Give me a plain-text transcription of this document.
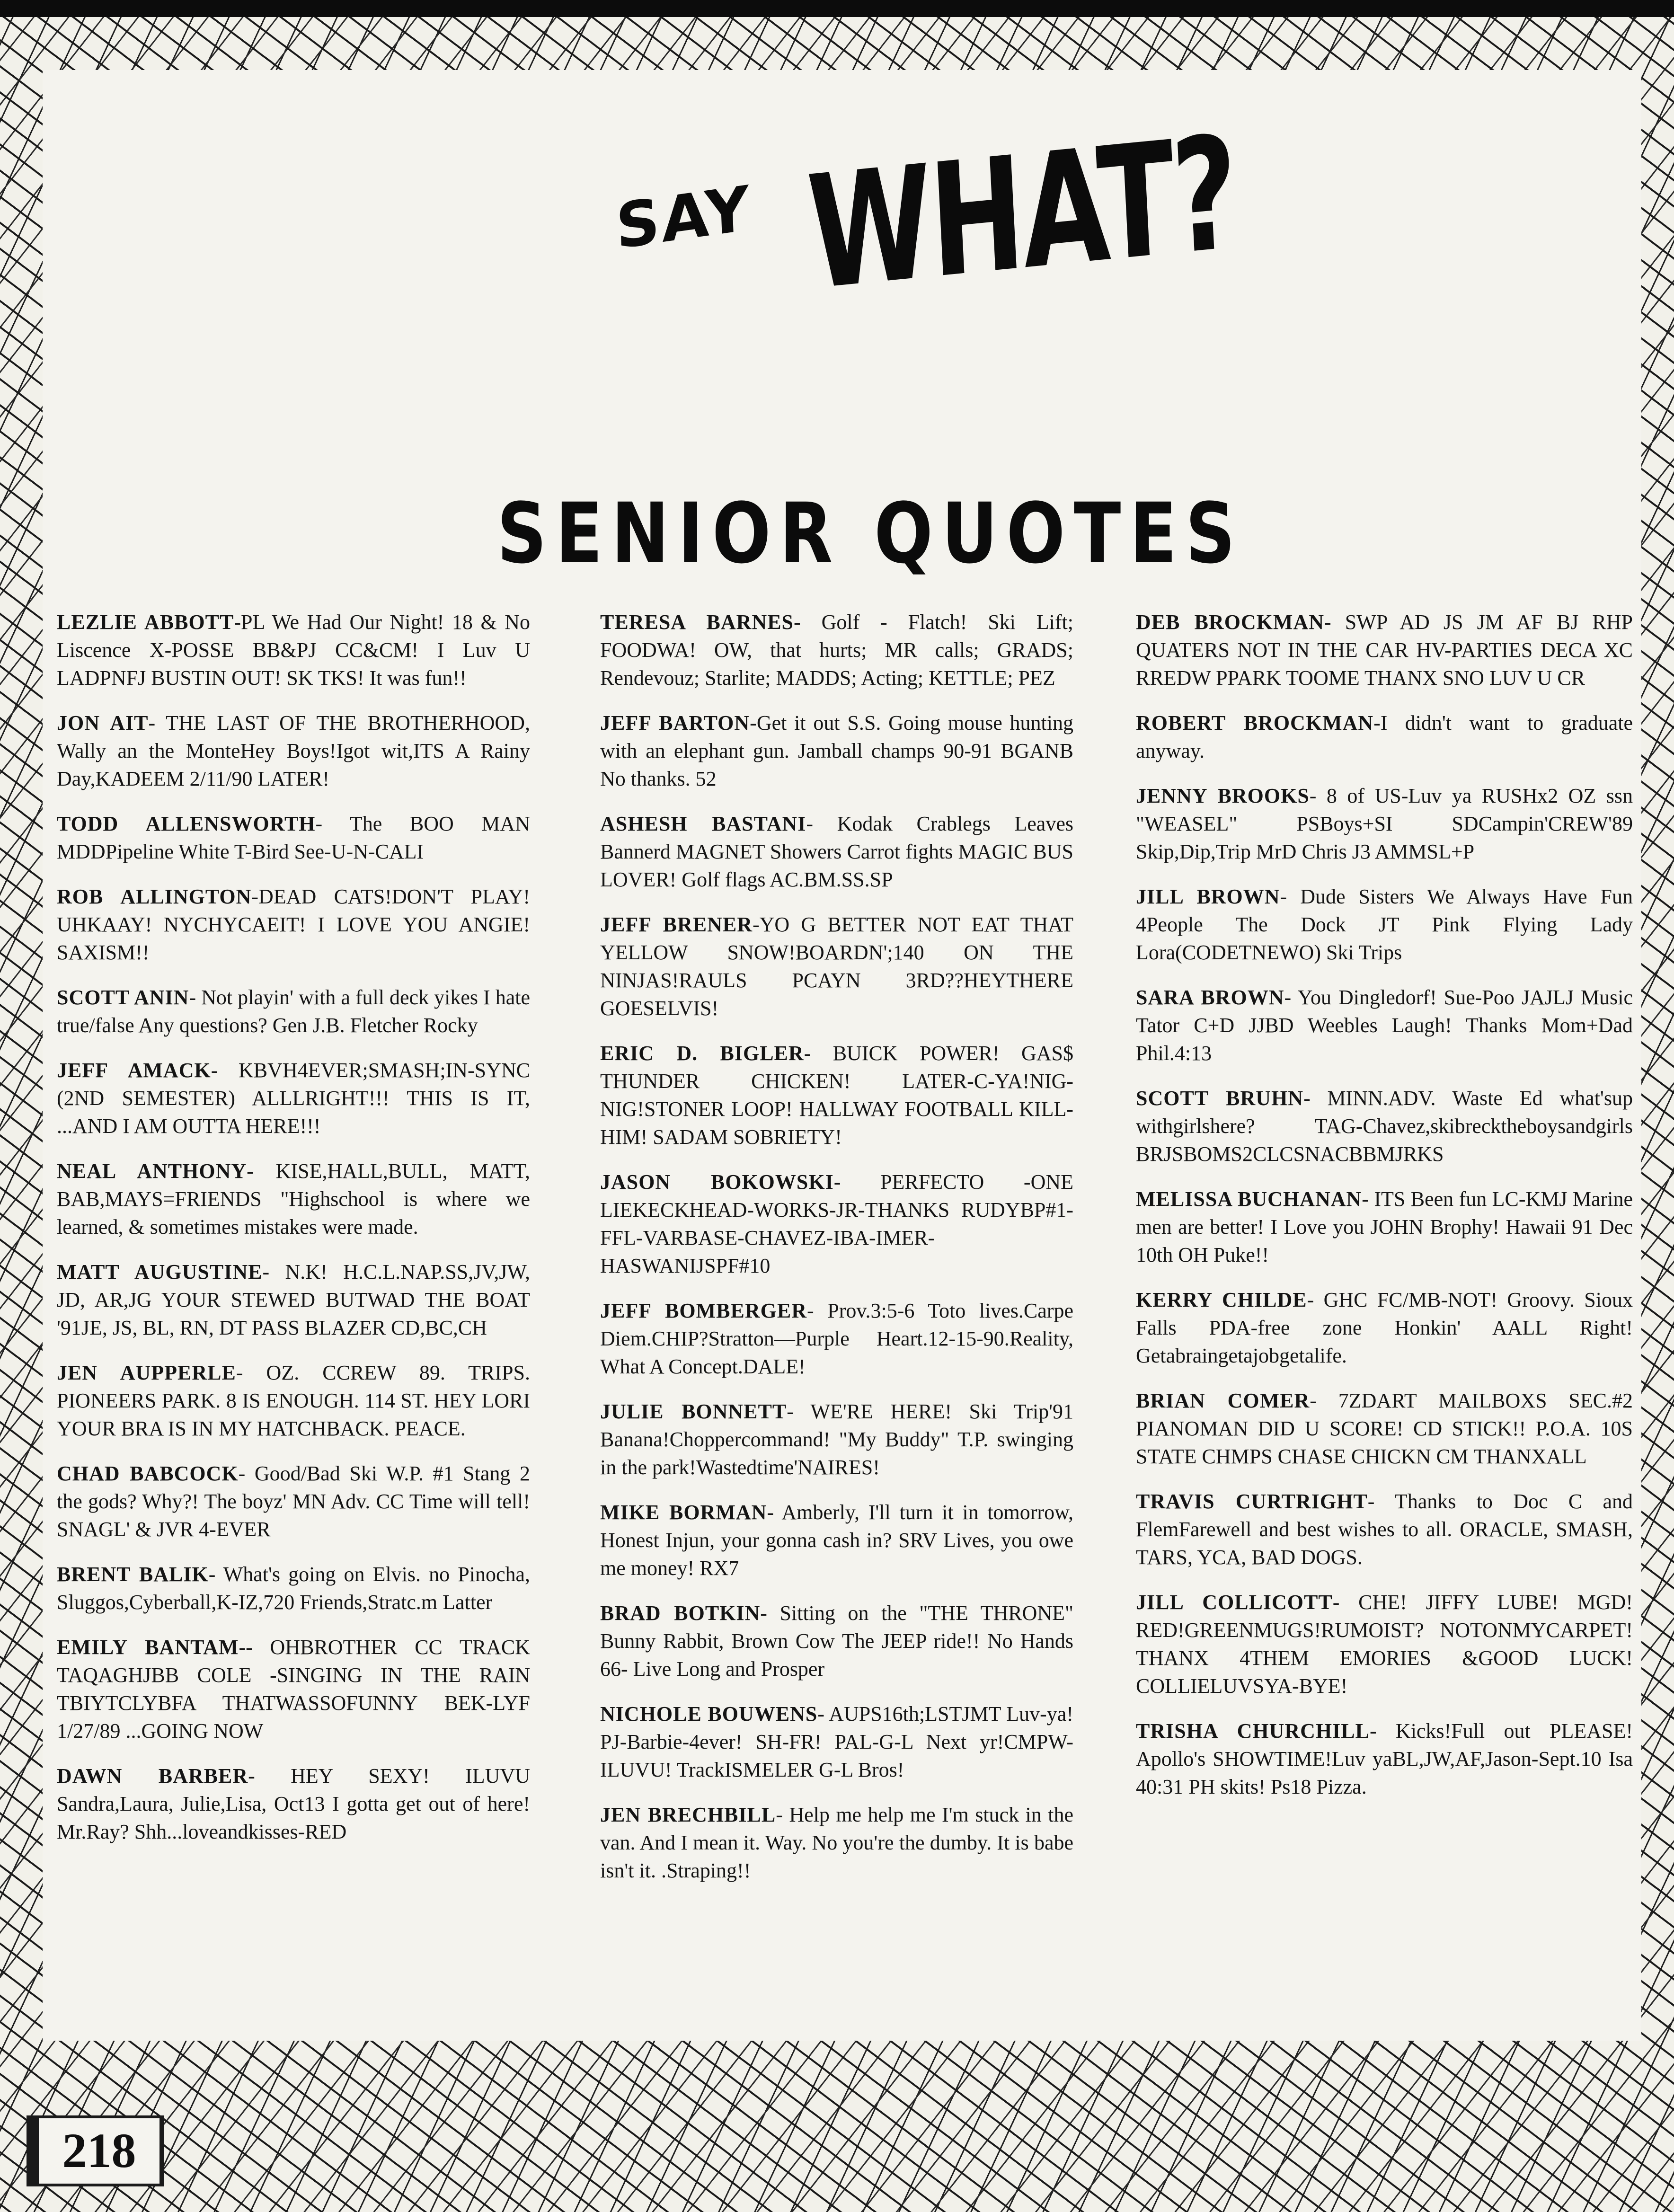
SAY WHAT?
SENIOR QUOTES

LEZLIE ABBOTT-PL We Had Our Night! 18 & No Liscence X-POSSE BB&PJ CC&CM! I Luv U LADPNFJ BUSTIN OUT! SK TKS! It was fun!!

JON AIT- THE LAST OF THE BROTHERHOOD, Wally an the MonteHey Boys!Igot wit,ITS A Rainy Day,KADEEM 2/11/90 LATER!

TODD ALLENSWORTH- The BOO MAN MDDPipeline White T-Bird See-U-N-CALI

ROB ALLINGTON-DEAD CATS!DON'T PLAY! UHKAAY! NYCHYCAEIT! I LOVE YOU ANGIE! SAXISM!!

SCOTT ANIN- Not playin' with a full deck yikes I hate true/false Any questions? Gen J.B. Fletcher Rocky

JEFF AMACK- KBVH4EVER;SMASH;IN-SYNC (2ND SEMESTER) ALLLRIGHT!!! THIS IS IT, ...AND I AM OUTTA HERE!!!

NEAL ANTHONY- KISE,HALL,BULL, MATT, BAB,MAYS=FRIENDS "Highschool is where we learned, & sometimes mistakes were made.

MATT AUGUSTINE- N.K! H.C.L.NAP.SS,JV,JW, JD, AR,JG YOUR STEWED BUTWAD THE BOAT '91JE, JS, BL, RN, DT PASS BLAZER CD,BC,CH

JEN AUPPERLE- OZ. CCREW 89. TRIPS. PIONEERS PARK. 8 IS ENOUGH. 114 ST. HEY LORI YOUR BRA IS IN MY HATCHBACK. PEACE.

CHAD BABCOCK- Good/Bad Ski W.P. #1 Stang 2 the gods? Why?! The boyz' MN Adv. CC Time will tell! SNAGL' & JVR 4-EVER

BRENT BALIK- What's going on Elvis. no Pinocha, Sluggos,Cyberball,K-IZ,720 Friends,Stratc.m Latter

EMILY BANTAM-- OHBROTHER CC TRACK TAQAGHJBB COLE -SINGING IN THE RAIN TBIYTCLYBFA THATWASSOFUNNY BEK-LYF 1/27/89 ...GOING NOW

DAWN BARBER- HEY SEXY! ILUVU Sandra,Laura, Julie,Lisa, Oct13 I gotta get out of here! Mr.Ray? Shh...loveandkisses-RED

TERESA BARNES- Golf - Flatch! Ski Lift; FOODWA! OW, that hurts; MR calls; GRADS; Rendevouz; Starlite; MADDS; Acting; KETTLE; PEZ

JEFF BARTON-Get it out S.S. Going mouse hunting with an elephant gun. Jamball champs 90-91 BGANB No thanks. 52

ASHESH BASTANI- Kodak Crablegs Leaves Bannerd MAGNET Showers Carrot fights MAGIC BUS LOVER! Golf flags AC.BM.SS.SP

JEFF BRENER-YO G BETTER NOT EAT THAT YELLOW SNOW!BOARDN';140 ON THE NINJAS!RAULS PCAYN 3RD??HEYTHERE GOESELVIS!

ERIC D. BIGLER- BUICK POWER! GAS$ THUNDER CHICKEN! LATER-C-YA!NIG-NIG!STONER LOOP! HALLWAY FOOTBALL KILL-HIM! SADAM SOBRIETY!

JASON BOKOWSKI- PERFECTO -ONE LIEKECKHEAD-WORKS-JR-THANKS RUDYBP#1-FFL-VARBASE-CHAVEZ-IBA-IMER-HASWANIJSPF#10

JEFF BOMBERGER- Prov.3:5-6 Toto lives.Carpe Diem.CHIP?Stratton—Purple Heart.12-15-90.Reality, What A Concept.DALE!

JULIE BONNETT- WE'RE HERE! Ski Trip'91 Banana!Choppercommand! "My Buddy" T.P. swinging in the park!Wastedtime'NAIRES!

MIKE BORMAN- Amberly, I'll turn it in tomorrow, Honest Injun, your gonna cash in? SRV Lives, you owe me money! RX7

BRAD BOTKIN- Sitting on the "THE THRONE" Bunny Rabbit, Brown Cow The JEEP ride!! No Hands 66- Live Long and Prosper

NICHOLE BOUWENS- AUPS16th;LSTJMT Luv-ya! PJ-Barbie-4ever! SH-FR! PAL-G-L Next yr!CMPW-ILUVU! TrackISMELER G-L Bros!

JEN BRECHBILL- Help me help me I'm stuck in the van. And I mean it. Way. No you're the dumby. It is babe isn't it. .Straping!!

DEB BROCKMAN- SWP AD JS JM AF BJ RHP QUATERS NOT IN THE CAR HV-PARTIES DECA XC RREDW PPARK TOOME THANX SNO LUV U CR

ROBERT BROCKMAN-I didn't want to graduate anyway.

JENNY BROOKS- 8 of US-Luv ya RUSHx2 OZ ssn "WEASEL" PSBoys+SI SDCampin'CREW'89 Skip,Dip,Trip MrD Chris J3 AMMSL+P

JILL BROWN- Dude Sisters We Always Have Fun 4People The Dock JT Pink Flying Lady Lora(CODETNEWO) Ski Trips

SARA BROWN- You Dingledorf! Sue-Poo JAJLJ Music Tator C+D JJBD Weebles Laugh! Thanks Mom+Dad Phil.4:13

SCOTT BRUHN- MINN.ADV. Waste Ed what'sup withgirlshere? TAG-Chavez,skibrecktheboysandgirls BRJSBOMS2CLCSNACBBMJRKS

MELISSA BUCHANAN- ITS Been fun LC-KMJ Marine men are better! I Love you JOHN Brophy! Hawaii 91 Dec 10th OH Puke!!

KERRY CHILDE- GHC FC/MB-NOT! Groovy. Sioux Falls PDA-free zone Honkin' AALL Right! Getabraingetajobgetalife.

BRIAN COMER- 7ZDART MAILBOXS SEC.#2 PIANOMAN DID U SCORE! CD STICK!! P.O.A. 10S STATE CHMPS CHASE CHICKN CM THANXALL

TRAVIS CURTRIGHT- Thanks to Doc C and FlemFarewell and best wishes to all. ORACLE, SMASH, TARS, YCA, BAD DOGS.

JILL COLLICOTT- CHE! JIFFY LUBE! MGD! RED!GREENMUGS!RUMOIST? NOTONMYCARPET! THANX 4THEM EMORIES &GOOD LUCK! COLLIELUVSYA-BYE!

TRISHA CHURCHILL- Kicks!Full out PLEASE! Apollo's SHOWTIME!Luv yaBL,JW,AF,Jason-Sept.10 Isa 40:31 PH skits! Ps18 Pizza.

218
